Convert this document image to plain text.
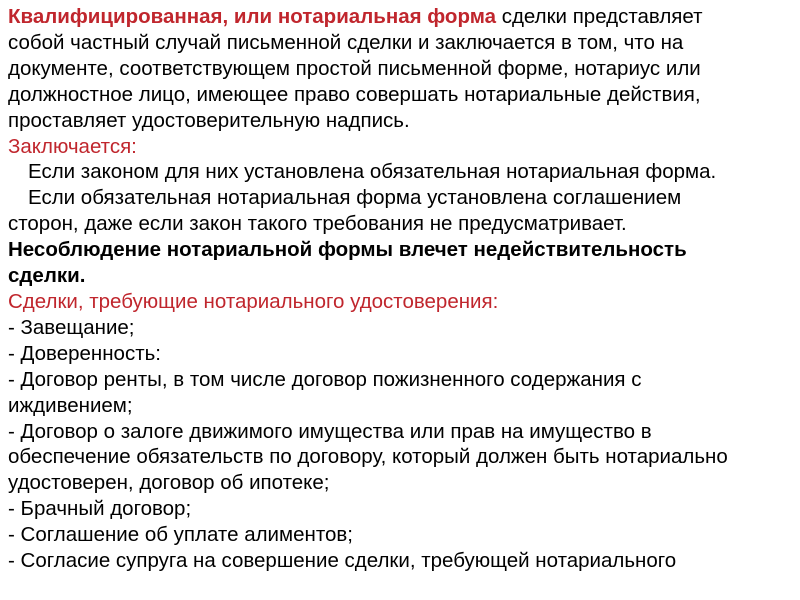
Квалифицированная, или нотариальная форма сделки представляет
собой частный случай письменной сделки и заключается в том, что на
документе, соответствующем простой письменной форме, нотариус или
должностное лицо, имеющее право совершать нотариальные действия,
проставляет удостоверительную надпись.
Заключается:
Если законом для них установлена обязательная нотариальная форма.
Если обязательная нотариальная форма установлена соглашением
сторон, даже если закон такого требования не предусматривает.
Несоблюдение нотариальной формы влечет недействительность
сделки.
Сделки, требующие нотариального удостоверения:
- Завещание;
- Доверенность:
- Договор ренты, в том числе договор пожизненного содержания с
иждивением;
- Договор о залоге движимого имущества или прав на имущество в
обеспечение обязательств по договору, который должен быть нотариально
удостоверен, договор об ипотеке;
- Брачный договор;
- Соглашение об уплате алиментов;
- Согласие супруга на совершение сделки, требующей нотариального
